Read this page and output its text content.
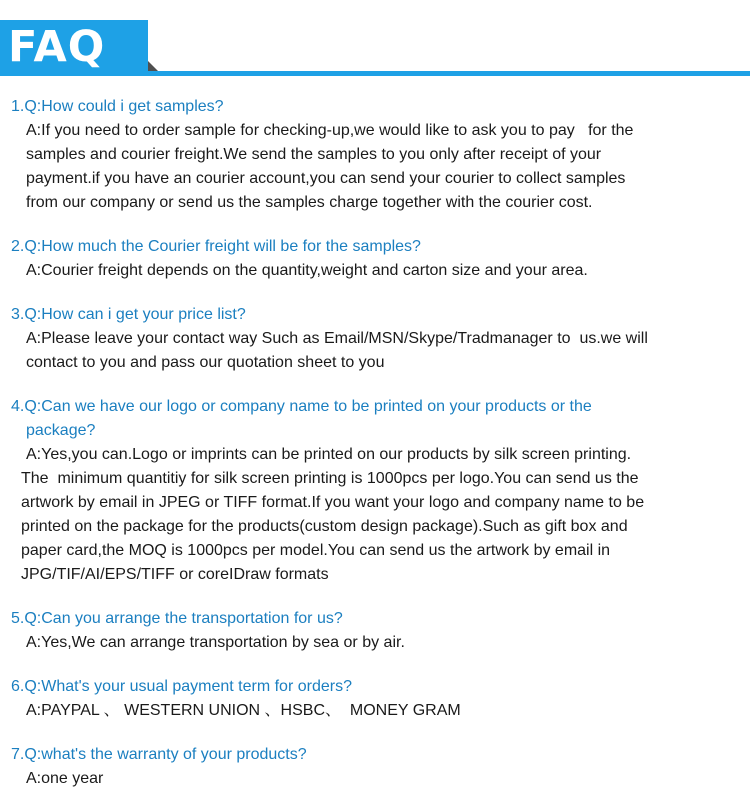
FAQ
1.Q:How could i get samples?
A:If you need to order sample for checking-up,we would like to ask you to pay   for the
samples and courier freight.We send the samples to you only after receipt of your
payment.if you have an courier account,you can send your courier to collect samples
from our company or send us the samples charge together with the courier cost.
2.Q:How much the Courier freight will be for the samples?
A:Courier freight depends on the quantity,weight and carton size and your area.
3.Q:How can i get your price list?
A:Please leave your contact way Such as Email/MSN/Skype/Tradmanager to  us.we will
contact to you and pass our quotation sheet to you
4.Q:Can we have our logo or company name to be printed on your products or the
package?
A:Yes,you can.Logo or imprints can be printed on our products by silk screen printing.
The  minimum quantitiy for silk screen printing is 1000pcs per logo.You can send us the
artwork by email in JPEG or TIFF format.If you want your logo and company name to be
printed on the package for the products(custom design package).Such as gift box and
paper card,the MOQ is 1000pcs per model.You can send us the artwork by email in
JPG/TIF/AI/EPS/TIFF or coreIDraw formats
5.Q:Can you arrange the transportation for us?
A:Yes,We can arrange transportation by sea or by air.
6.Q:What's your usual payment term for orders?
A:PAYPAL 、 WESTERN UNION 、HSBC、  MONEY GRAM
7.Q:what's the warranty of your products?
A:one year
